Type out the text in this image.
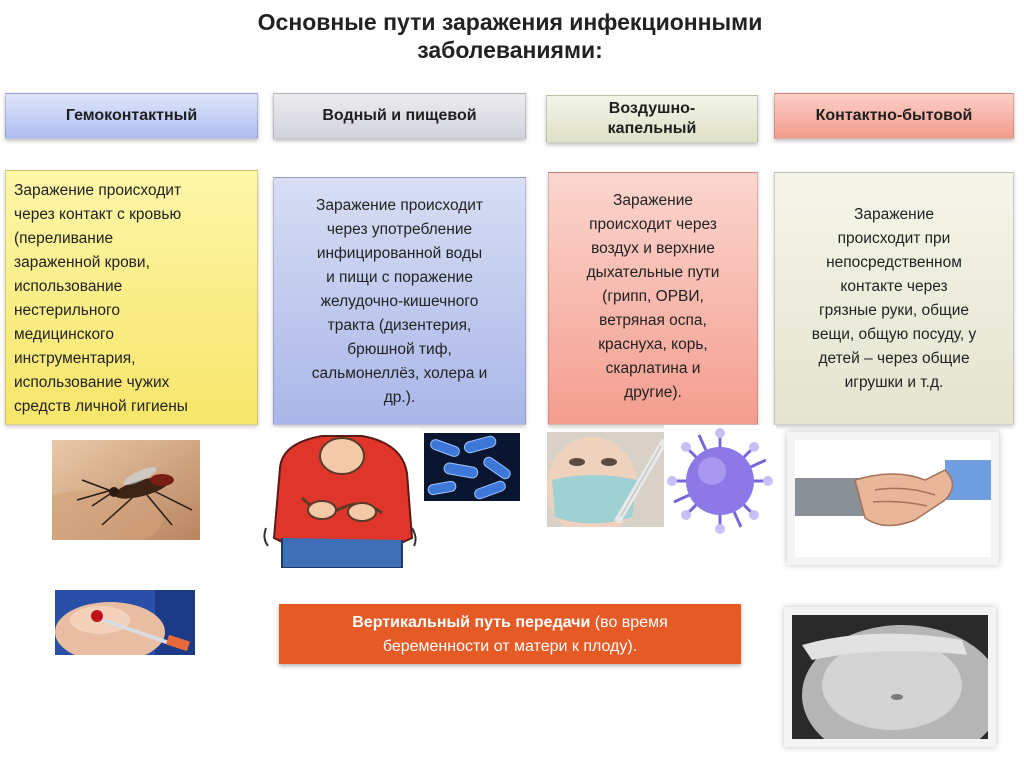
Основные пути заражения инфекционными
заболеваниями:
Гемоконтактный	Водный и пищевой	Воздушно-
капельный
Контактно-бытовой
Заражение происходит
через контакт с кровью
(переливание
зараженной крови,
использование
нестерильного
медицинского
инструментария,
использование чужих
средств личной гигиены
Заражение происходит
через употребление
инфицированной воды
и пищи с поражение
желудочно-кишечного
тракта (дизентерия,
брюшной тиф,
сальмонеллёз, холера и
др.).
Заражение
происходит через
воздух и верхние
дыхательные пути
(грипп, ОРВИ,
ветряная оспа,
краснуха, корь,
скарлатина и
другие).
Заражение
происходит при
непосредственном
контакте через
грязные руки, общие
вещи, общую посуду, у
детей – через общие
игрушки и т.д.
Вертикальный путь передачи (во время
беременности от матери к плоду).
